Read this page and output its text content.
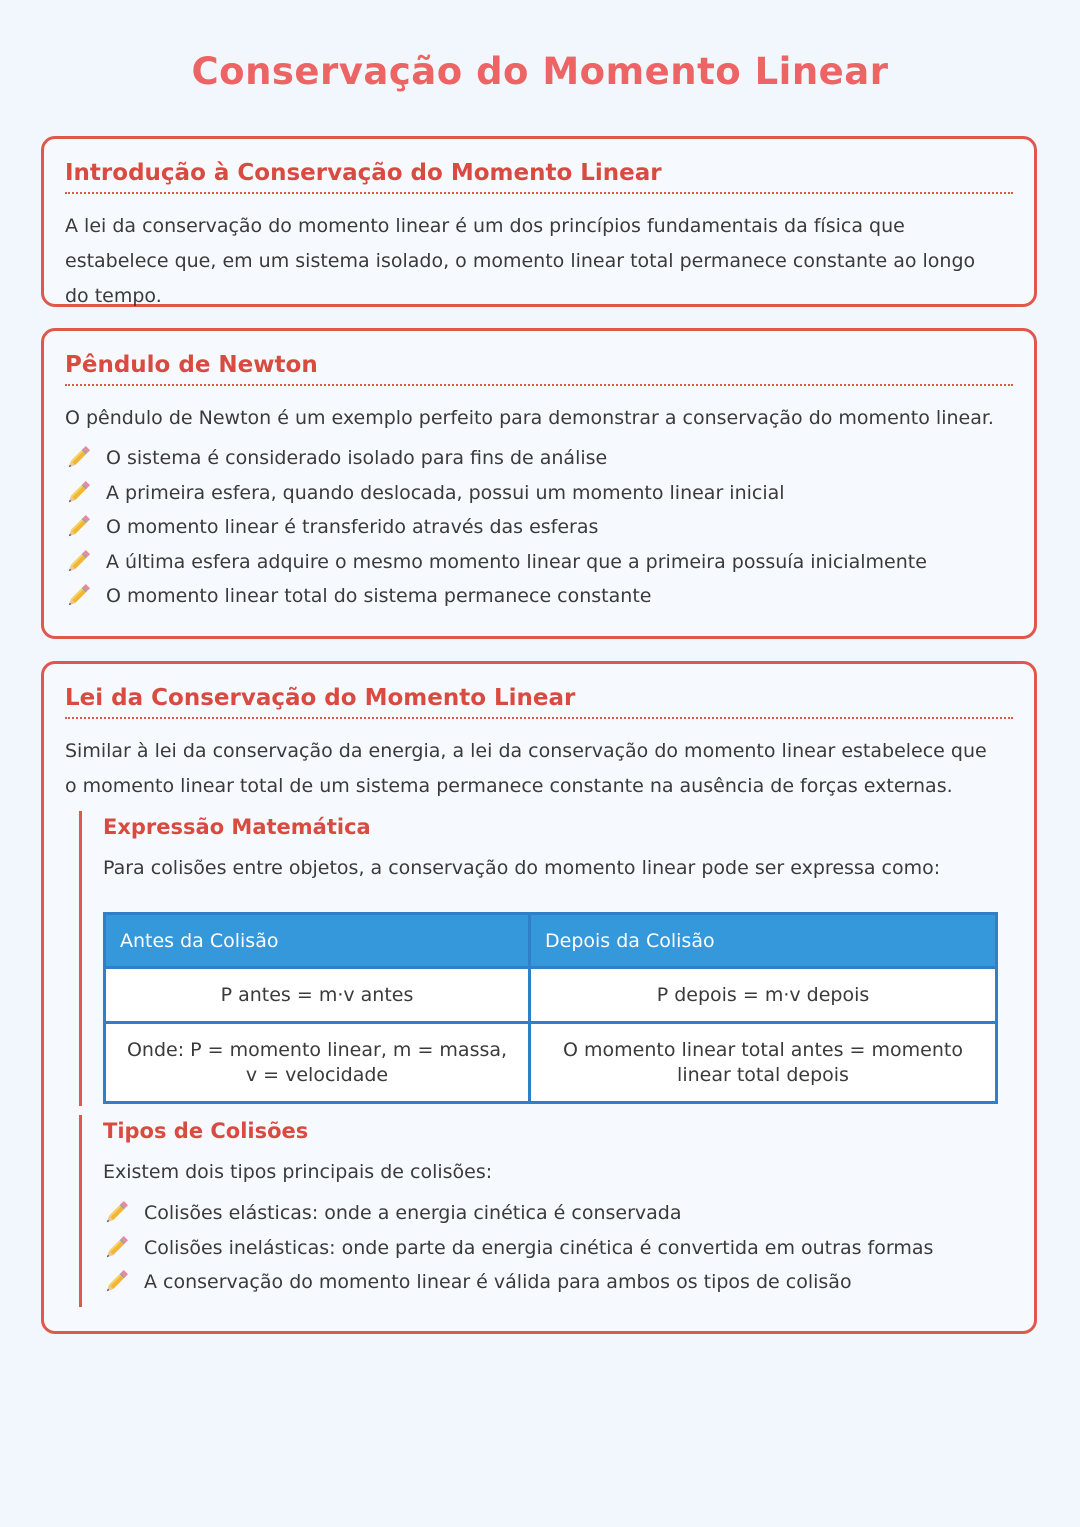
Conservação do Momento Linear
Introdução à Conservação do Momento Linear
A lei da conservação do momento linear é um dos princípios fundamentais da física que estabelece que, em um sistema isolado, o momento linear total permanece constante ao longo do tempo.
Pêndulo de Newton
O pêndulo de Newton é um exemplo perfeito para demonstrar a conservação do momento linear.
O sistema é considerado isolado para fins de análise
A primeira esfera, quando deslocada, possui um momento linear inicial
O momento linear é transferido através das esferas
A última esfera adquire o mesmo momento linear que a primeira possuía inicialmente
O momento linear total do sistema permanece constante
Lei da Conservação do Momento Linear
Similar à lei da conservação da energia, a lei da conservação do momento linear estabelece que o momento linear total de um sistema permanece constante na ausência de forças externas.
Expressão Matemática
Para colisões entre objetos, a conservação do momento linear pode ser expressa como:
Antes da Colisão	Depois da Colisão
P antes = m·v antes	P depois = m·v depois
Onde: P = momento linear, m = massa, v = velocidade	O momento linear total antes = momento linear total depois
Tipos de Colisões
Existem dois tipos principais de colisões:
Colisões elásticas: onde a energia cinética é conservada
Colisões inelásticas: onde parte da energia cinética é convertida em outras formas
A conservação do momento linear é válida para ambos os tipos de colisão
